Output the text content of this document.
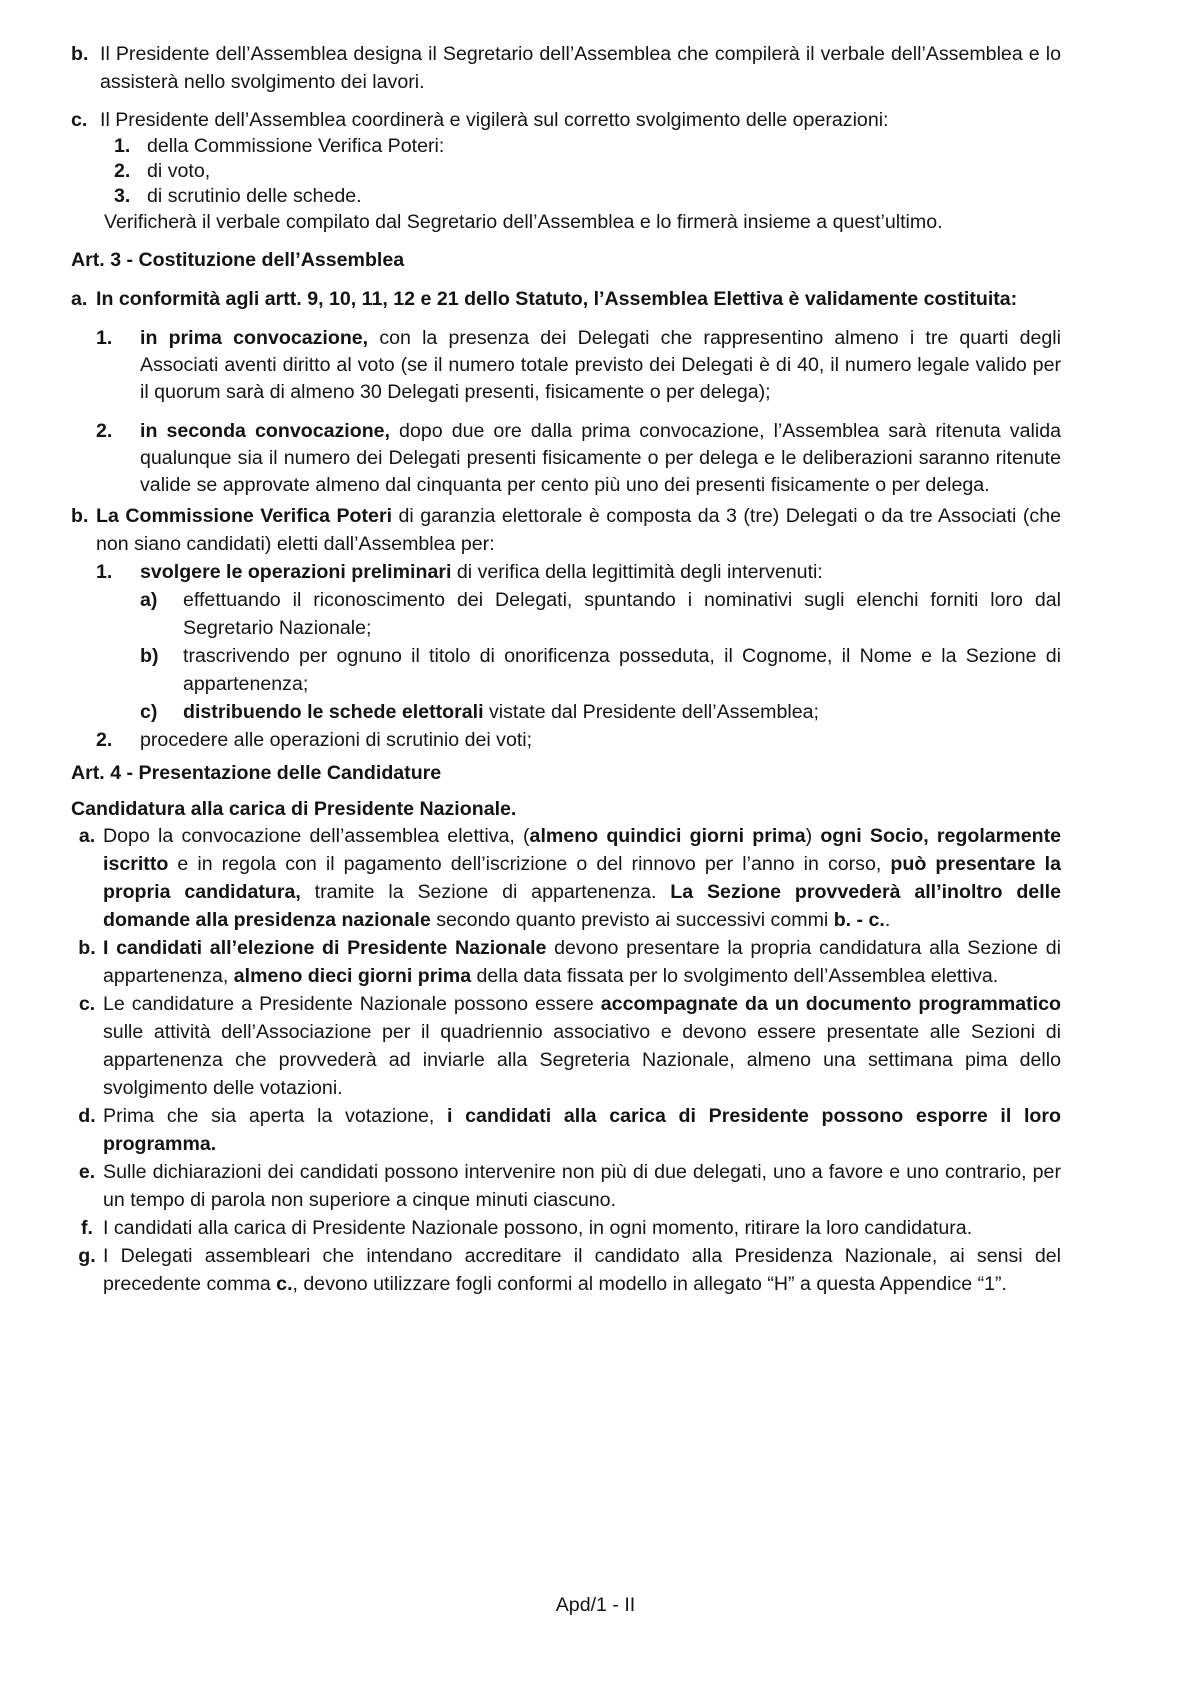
b. Il Presidente dell’Assemblea designa il Segretario dell’Assemblea che compilerà il verbale dell’Assemblea e lo assisterà nello svolgimento dei lavori.
c. Il Presidente dell’Assemblea coordinerà e vigilerà sul corretto svolgimento delle operazioni:
1. della Commissione Verifica Poteri:
2. di voto,
3. di scrutinio delle schede.
Verificherà il verbale compilato dal Segretario dell’Assemblea e lo firmerà insieme a quest’ultimo.
Art. 3 - Costituzione dell’Assemblea
a. In conformità agli artt. 9, 10, 11, 12 e 21 dello Statuto, l’Assemblea Elettiva è validamente costituita:
1.	in prima convocazione, con la presenza dei Delegati che rappresentino almeno i tre quarti degli Associati aventi diritto al voto (se il numero totale previsto dei Delegati è di 40, il numero legale valido per il quorum sarà di almeno 30 Delegati presenti, fisicamente o per delega);
2.	in seconda convocazione, dopo due ore dalla prima convocazione, l’Assemblea sarà ritenuta valida qualunque sia il numero dei Delegati presenti fisicamente o per delega e le deliberazioni saranno ritenute valide se approvate almeno dal cinquanta per cento più uno dei presenti fisicamente o per delega.
b. La Commissione Verifica Poteri di garanzia elettorale è composta da 3 (tre) Delegati o da tre Associati (che non siano candidati) eletti dall’Assemblea per:
1.	svolgere le operazioni preliminari di verifica della legittimità degli intervenuti:
a)	effettuando il riconoscimento dei Delegati, spuntando i nominativi sugli elenchi forniti loro dal Segretario Nazionale;
b)	trascrivendo per ognuno il titolo di onorificenza posseduta, il Cognome, il Nome e la Sezione di appartenenza;
c)	distribuendo le schede elettorali vistate dal Presidente dell’Assemblea;
2.	procedere alle operazioni di scrutinio dei voti;
Art. 4 - Presentazione delle Candidature
Candidatura alla carica di Presidente Nazionale.
a. Dopo la convocazione dell’assemblea elettiva, (almeno quindici giorni prima) ogni Socio, regolarmente iscritto e in regola con il pagamento dell’iscrizione o del rinnovo per l’anno in corso, può presentare la propria candidatura, tramite la Sezione di appartenenza. La Sezione provvederà all’inoltro delle domande alla presidenza nazionale secondo quanto previsto ai successivi commi b. - c..
b. I candidati all’elezione di Presidente Nazionale devono presentare la propria candidatura alla Sezione di appartenenza, almeno dieci giorni prima della data fissata per lo svolgimento dell’Assemblea elettiva.
c. Le candidature a Presidente Nazionale possono essere accompagnate da un documento programmatico sulle attività dell’Associazione per il quadriennio associativo e devono essere presentate alle Sezioni di appartenenza che provvederà ad inviarle alla Segreteria Nazionale, almeno una settimana pima dello svolgimento delle votazioni.
d. Prima che sia aperta la votazione, i candidati alla carica di Presidente possono esporre il loro programma.
e. Sulle dichiarazioni dei candidati possono intervenire non più di due delegati, uno a favore e uno contrario, per un tempo di parola non superiore a cinque minuti ciascuno.
f. I candidati alla carica di Presidente Nazionale possono, in ogni momento, ritirare la loro candidatura.
g. I Delegati assembleari che intendano accreditare il candidato alla Presidenza Nazionale, ai sensi del precedente comma c., devono utilizzare fogli conformi al modello in allegato “H” a questa Appendice “1”.
Apd/1 - II
